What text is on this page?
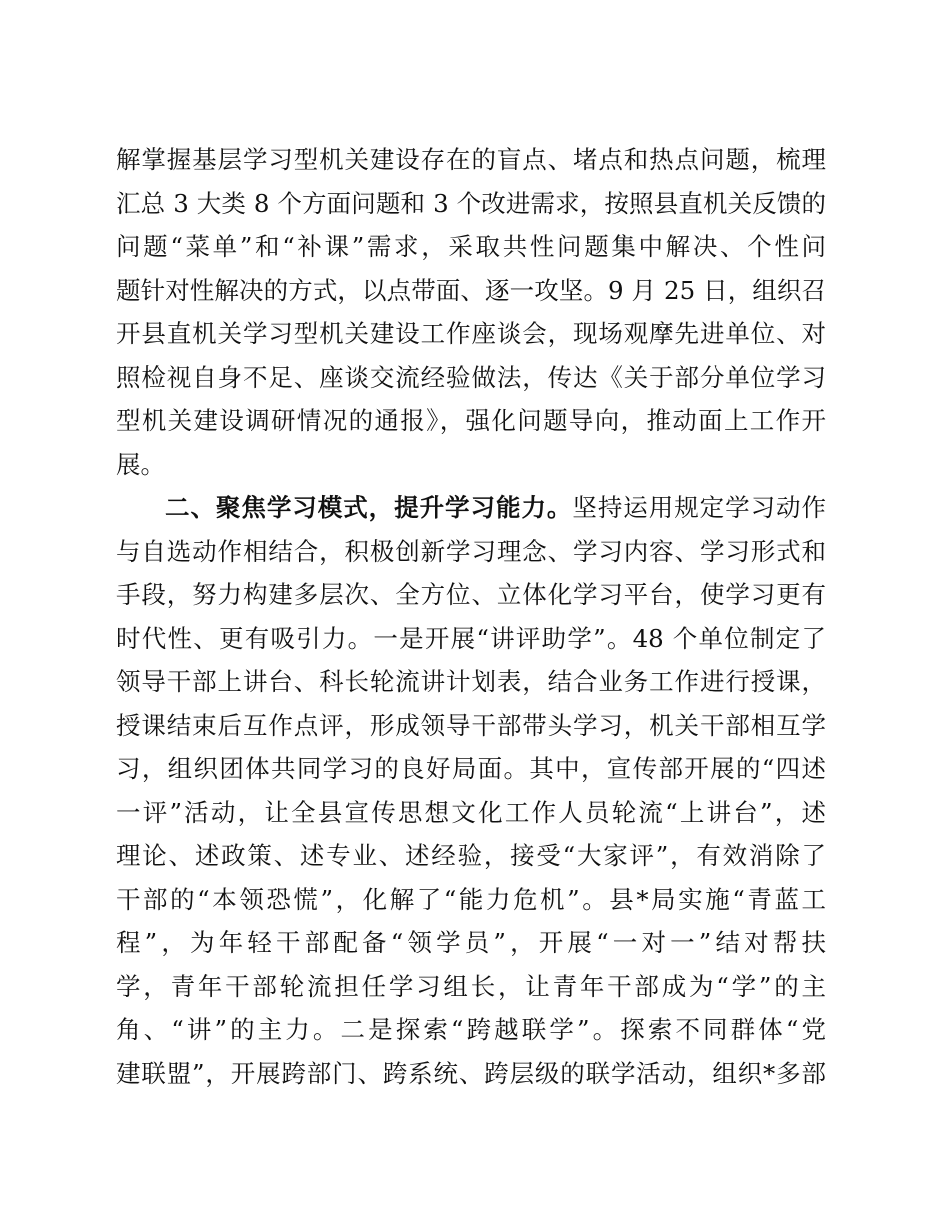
解掌握基层学习型机关建设存在的盲点、堵点和热点问题，梳理
汇总 3 大类 8 个方面问题和 3 个改进需求，按照县直机关反馈的
问题“菜单”和“补课”需求，采取共性问题集中解决、个性问
题针对性解决的方式，以点带面、逐一攻坚。9 月 25 日，组织召
开县直机关学习型机关建设工作座谈会，现场观摩先进单位、对
照检视自身不足、座谈交流经验做法，传达《关于部分单位学习
型机关建设调研情况的通报》，强化问题导向，推动面上工作开
展。
二、聚焦学习模式，提升学习能力。坚持运用规定学习动作
与自选动作相结合，积极创新学习理念、学习内容、学习形式和
手段，努力构建多层次、全方位、立体化学习平台，使学习更有
时代性、更有吸引力。一是开展“讲评助学”。48 个单位制定了
领导干部上讲台、科长轮流讲计划表，结合业务工作进行授课，
授课结束后互作点评，形成领导干部带头学习，机关干部相互学
习，组织团体共同学习的良好局面。其中，宣传部开展的“四述
一评”活动，让全县宣传思想文化工作人员轮流“上讲台”，述
理论、述政策、述专业、述经验，接受“大家评”，有效消除了
干部的“本领恐慌”，化解了“能力危机”。县*局实施“青蓝工
程”，为年轻干部配备“领学员”，开展“一对一”结对帮扶
学，青年干部轮流担任学习组长，让青年干部成为“学”的主
角、“讲”的主力。二是探索“跨越联学”。探索不同群体“党
建联盟”，开展跨部门、跨系统、跨层级的联学活动，组织*多部
